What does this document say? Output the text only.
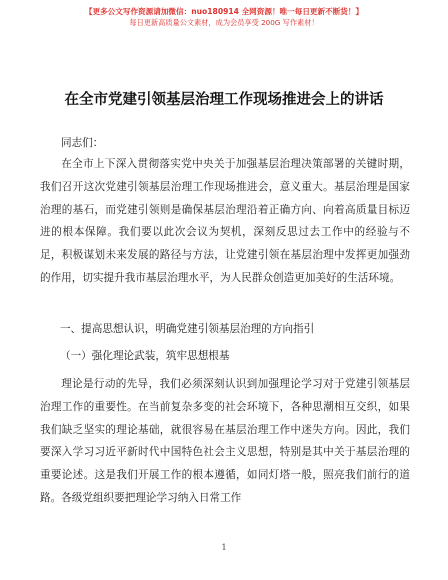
【更多公文写作资源请加微信：nuo180914 全网资源！唯一每日更新不断货！】
每日更新高质量公文素材，成为会员享受 200G 写作素材！
在全市党建引领基层治理工作现场推进会上的讲话
同志们：
在全市上下深入贯彻落实党中央关于加强基层治理决策部署的关键时期，我们召开这次党建引领基层治理工作现场推进会，意义重大。基层治理是国家治理的基石，而党建引领则是确保基层治理沿着正确方向、向着高质量目标迈进的根本保障。我们要以此次会议为契机，深刻反思过去工作中的经验与不足，积极谋划未来发展的路径与方法，让党建引领在基层治理中发挥更加强劲的作用，切实提升我市基层治理水平，为人民群众创造更加美好的生活环境。
一、提高思想认识，明确党建引领基层治理的方向指引
（一）强化理论武装，筑牢思想根基
理论是行动的先导，我们必须深刻认识到加强理论学习对于党建引领基层治理工作的重要性。在当前复杂多变的社会环境下，各种思潮相互交织，如果我们缺乏坚实的理论基础，就很容易在基层治理工作中迷失方向。因此，我们要深入学习习近平新时代中国特色社会主义思想，特别是其中关于基层治理的重要论述。这是我们开展工作的根本遵循，如同灯塔一般，照亮我们前行的道路。各级党组织要把理论学习纳入日常工作
1
